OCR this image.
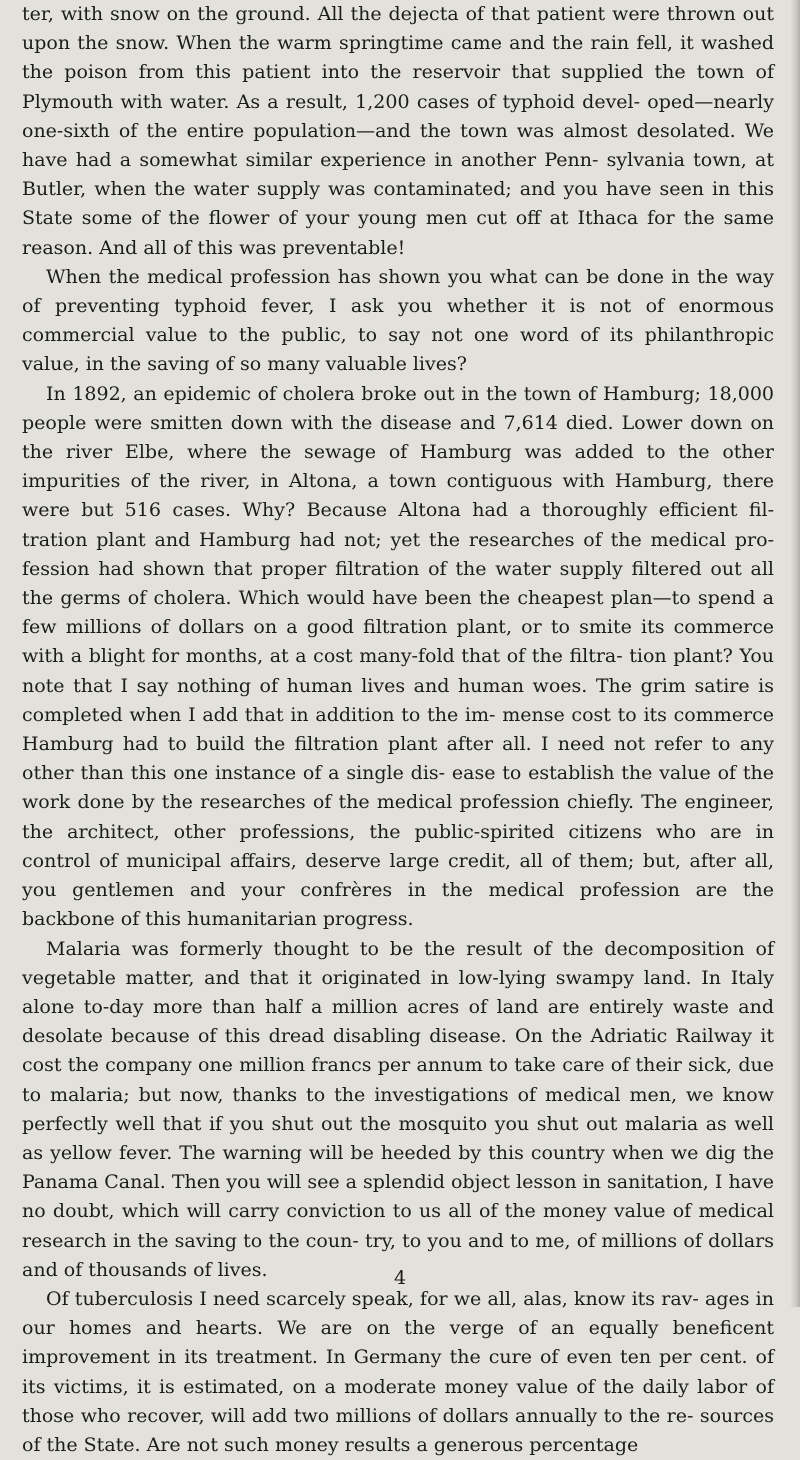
ter, with snow on the ground. All the dejecta of that patient were thrown out upon the snow. When the warm springtime came and the rain fell, it washed the poison from this patient into the reservoir that supplied the town of Plymouth with water. As a result, 1,200 cases of typhoid devel- oped—nearly one-sixth of the entire population—and the town was almost desolated. We have had a somewhat similar experience in another Penn- sylvania town, at Butler, when the water supply was contaminated; and you have seen in this State some of the flower of your young men cut off at Ithaca for the same reason. And all of this was preventable!

When the medical profession has shown you what can be done in the way of preventing typhoid fever, I ask you whether it is not of enormous commercial value to the public, to say not one word of its philanthropic value, in the saving of so many valuable lives?

In 1892, an epidemic of cholera broke out in the town of Hamburg; 18,000 people were smitten down with the disease and 7,614 died. Lower down on the river Elbe, where the sewage of Hamburg was added to the other impurities of the river, in Altona, a town contiguous with Hamburg, there were but 516 cases. Why? Because Altona had a thoroughly efficient fil- tration plant and Hamburg had not; yet the researches of the medical pro- fession had shown that proper filtration of the water supply filtered out all the germs of cholera. Which would have been the cheapest plan—to spend a few millions of dollars on a good filtration plant, or to smite its commerce with a blight for months, at a cost many-fold that of the filtra- tion plant? You note that I say nothing of human lives and human woes. The grim satire is completed when I add that in addition to the im- mense cost to its commerce Hamburg had to build the filtration plant after all. I need not refer to any other than this one instance of a single dis- ease to establish the value of the work done by the researches of the medical profession chiefly. The engineer, the architect, other professions, the public-spirited citizens who are in control of municipal affairs, deserve large credit, all of them; but, after all, you gentlemen and your confrères in the medical profession are the backbone of this humanitarian progress.

Malaria was formerly thought to be the result of the decomposition of vegetable matter, and that it originated in low-lying swampy land. In Italy alone to-day more than half a million acres of land are entirely waste and desolate because of this dread disabling disease. On the Adriatic Railway it cost the company one million francs per annum to take care of their sick, due to malaria; but now, thanks to the investigations of medical men, we know perfectly well that if you shut out the mosquito you shut out malaria as well as yellow fever. The warning will be heeded by this country when we dig the Panama Canal. Then you will see a splendid object lesson in sanitation, I have no doubt, which will carry conviction to us all of the money value of medical research in the saving to the coun- try, to you and to me, of millions of dollars and of thousands of lives.

Of tuberculosis I need scarcely speak, for we all, alas, know its rav- ages in our homes and hearts. We are on the verge of an equally beneficent improvement in its treatment. In Germany the cure of even ten per cent. of its victims, it is estimated, on a moderate money value of the daily labor of those who recover, will add two millions of dollars annually to the re- sources of the State. Are not such money results a generous percentage

4
